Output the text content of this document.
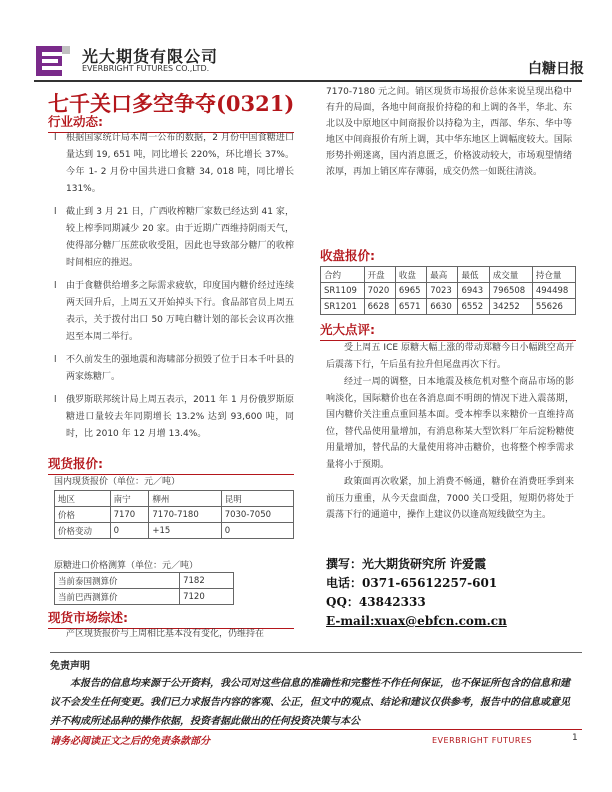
光大期货有限公司
EVERBRIGHT FUTURES CO.,LTD.	白糖日报
七千关口多空争夺(0321)
行业动态:
l 根据国家统计局本周一公布的数据，2 月份中国食糖进口量达到 19, 651 吨，同比增长 220%，环比增长 37%。今年 1- 2 月份中国共进口食糖 34, 018 吨，同比增长 131%。
l 截止到 3 月 21 日，广西收榨糖厂家数已经达到 41 家，较上榨季同期减少 20 家。由于近期广西维持阴雨天气，使得部分糖厂压蔗砍收受阻，因此也导致部分糖厂的收榨时间相应的推迟。
l 由于食糖供给增多之际需求疲软，印度国内糖价经过连续两天回升后，上周五又开始掉头下行。食品部官员上周五表示，关于拨付出口 50 万吨白糖计划的部长会议再次推迟至本周二举行。
l 不久前发生的强地震和海啸部分损毁了位于日本千叶县的两家炼糖厂。
l 俄罗斯联邦统计局上周五表示，2011 年 1 月份俄罗斯原糖进口量较去年同期增长 13.2% 达到 93,600 吨，同时，比 2010 年 12 月增 13.4%。
现货报价:
国内现货报价（单位：元／吨）
地区	南宁	柳州	昆明
价格	7170	7170-7180	7030-7050
价格变动	0	+15	0
原糖进口价格测算（单位：元／吨）
当前泰国测算价	7182
当前巴西测算价	7120
现货市场综述:
产区现货报价与上周相比基本没有变化，仍维持在
7170-7180 元之间。销区现货市场报价总体来说呈现出稳中有升的局面，各地中间商报价持稳的和上调的各半，华北、东北以及中原地区中间商报价以持稳为主，西部、华东、华中等地区中间商报价有所上调，其中华东地区上调幅度较大。国际形势扑朔迷离，国内消息匮乏，价格波动较大，市场观望情绪浓厚，再加上销区库存薄弱，成交仍然一如既往清淡。
收盘报价:
合约	开盘	收盘	最高	最低	成交量	持仓量
SR1109	7020	6965	7023	6943	796508	494498
SR1201	6628	6571	6630	6552	34252	55626
光大点评:

受上周五 ICE 原糖大幅上涨的带动郑糖今日小幅跳空高开后震荡下行，午后虽有拉升但尾盘再次下行。

经过一周的调整，日本地震及核危机对整个商品市场的影响淡化，国际糖价也在各消息面不明朗的情况下进入震荡期，国内糖价关注重点重回基本面。受本榨季以来糖价一直维持高位，替代品使用量增加，有消息称某大型饮料厂年后淀粉糖使用量增加，替代品的大量使用将冲击糖价，也将整个榨季需求量将小于预期。

政策面再次收紧，加上消费不畅通，糖价在消费旺季到来前压力重重，从今天盘面盘，7000 关口受阻，短期仍将处于震荡下行的通道中，操作上建议仍以逢高短线做空为主。

撰写：光大期货研究所 许爱霞
电话：0371-65612257-601
QQ：43842333
E-mail:xuax@ebfcn.com.cn
免责声明
本报告的信息均来源于公开资料，我公司对这些信息的准确性和完整性不作任何保证，也不保证所包含的信息和建议不会发生任何变更。我们已力求报告内容的客观、公正，但文中的观点、结论和建议仅供参考，报告中的信息或意见并不构成所述品种的操作依据，投资者据此做出的任何投资决策与本公
请务必阅读正文之后的免责条款部分	EVERBRIGHT FUTURES	1
